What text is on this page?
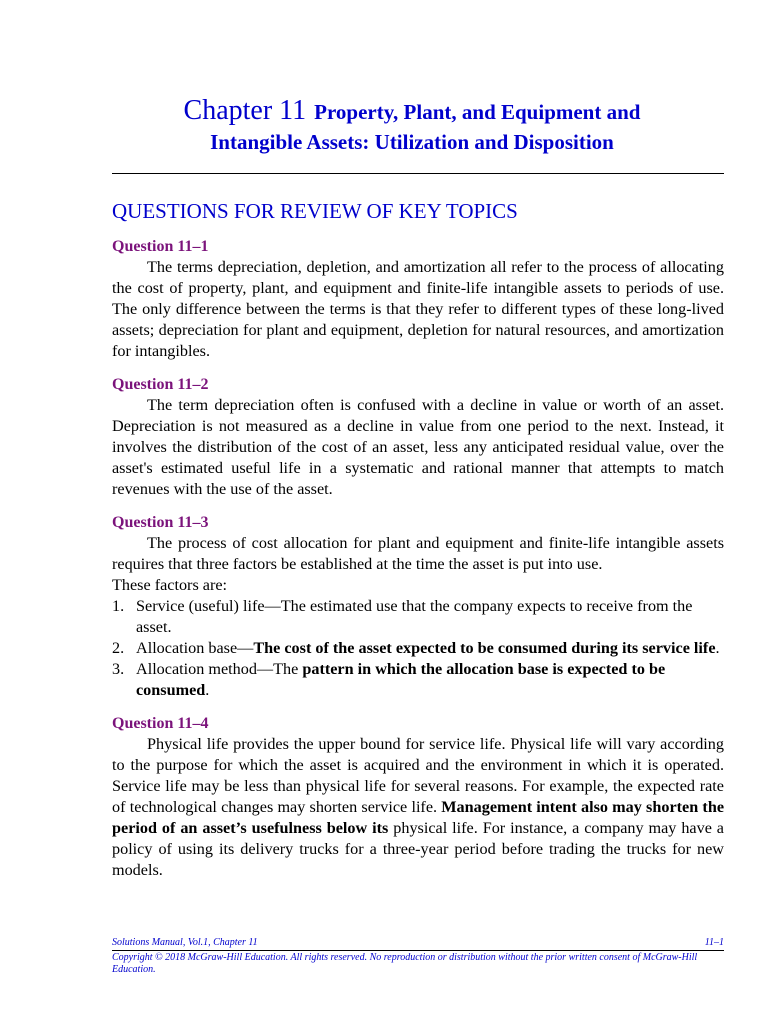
Chapter 11 Property, Plant, and Equipment and
Intangible Assets: Utilization and Disposition
QUESTIONS FOR REVIEW OF KEY TOPICS

Question 11–1

The terms depreciation, depletion, and amortization all refer to the process of allocating the cost of property, plant, and equipment and finite-life intangible assets to periods of use. The only difference between the terms is that they refer to different types of these long-lived assets; depreciation for plant and equipment, depletion for natural resources, and amortization for intangibles.

Question 11–2

The term depreciation often is confused with a decline in value or worth of an asset. Depreciation is not measured as a decline in value from one period to the next. Instead, it involves the distribution of the cost of an asset, less any anticipated residual value, over the asset's estimated useful life in a systematic and rational manner that attempts to match revenues with the use of the asset.

Question 11–3

The process of cost allocation for plant and equipment and finite-life intangible assets requires that three factors be established at the time the asset is put into use.

These factors are:

1. Service (useful) life—The estimated use that the company expects to receive from the asset.
2. Allocation base—The cost of the asset expected to be consumed during its service life.
3. Allocation method—The pattern in which the allocation base is expected to be consumed.

Question 11–4

Physical life provides the upper bound for service life. Physical life will vary according to the purpose for which the asset is acquired and the environment in which it is operated. Service life may be less than physical life for several reasons. For example, the expected rate of technological changes may shorten service life. Management intent also may shorten the period of an asset’s usefulness below its physical life. For instance, a company may have a policy of using its delivery trucks for a three-year period before trading the trucks for new models.

Solutions Manual, Vol.1, Chapter 11	11–1
Copyright © 2018 McGraw-Hill Education. All rights reserved. No reproduction or distribution without the prior written consent of McGraw-Hill Education.
